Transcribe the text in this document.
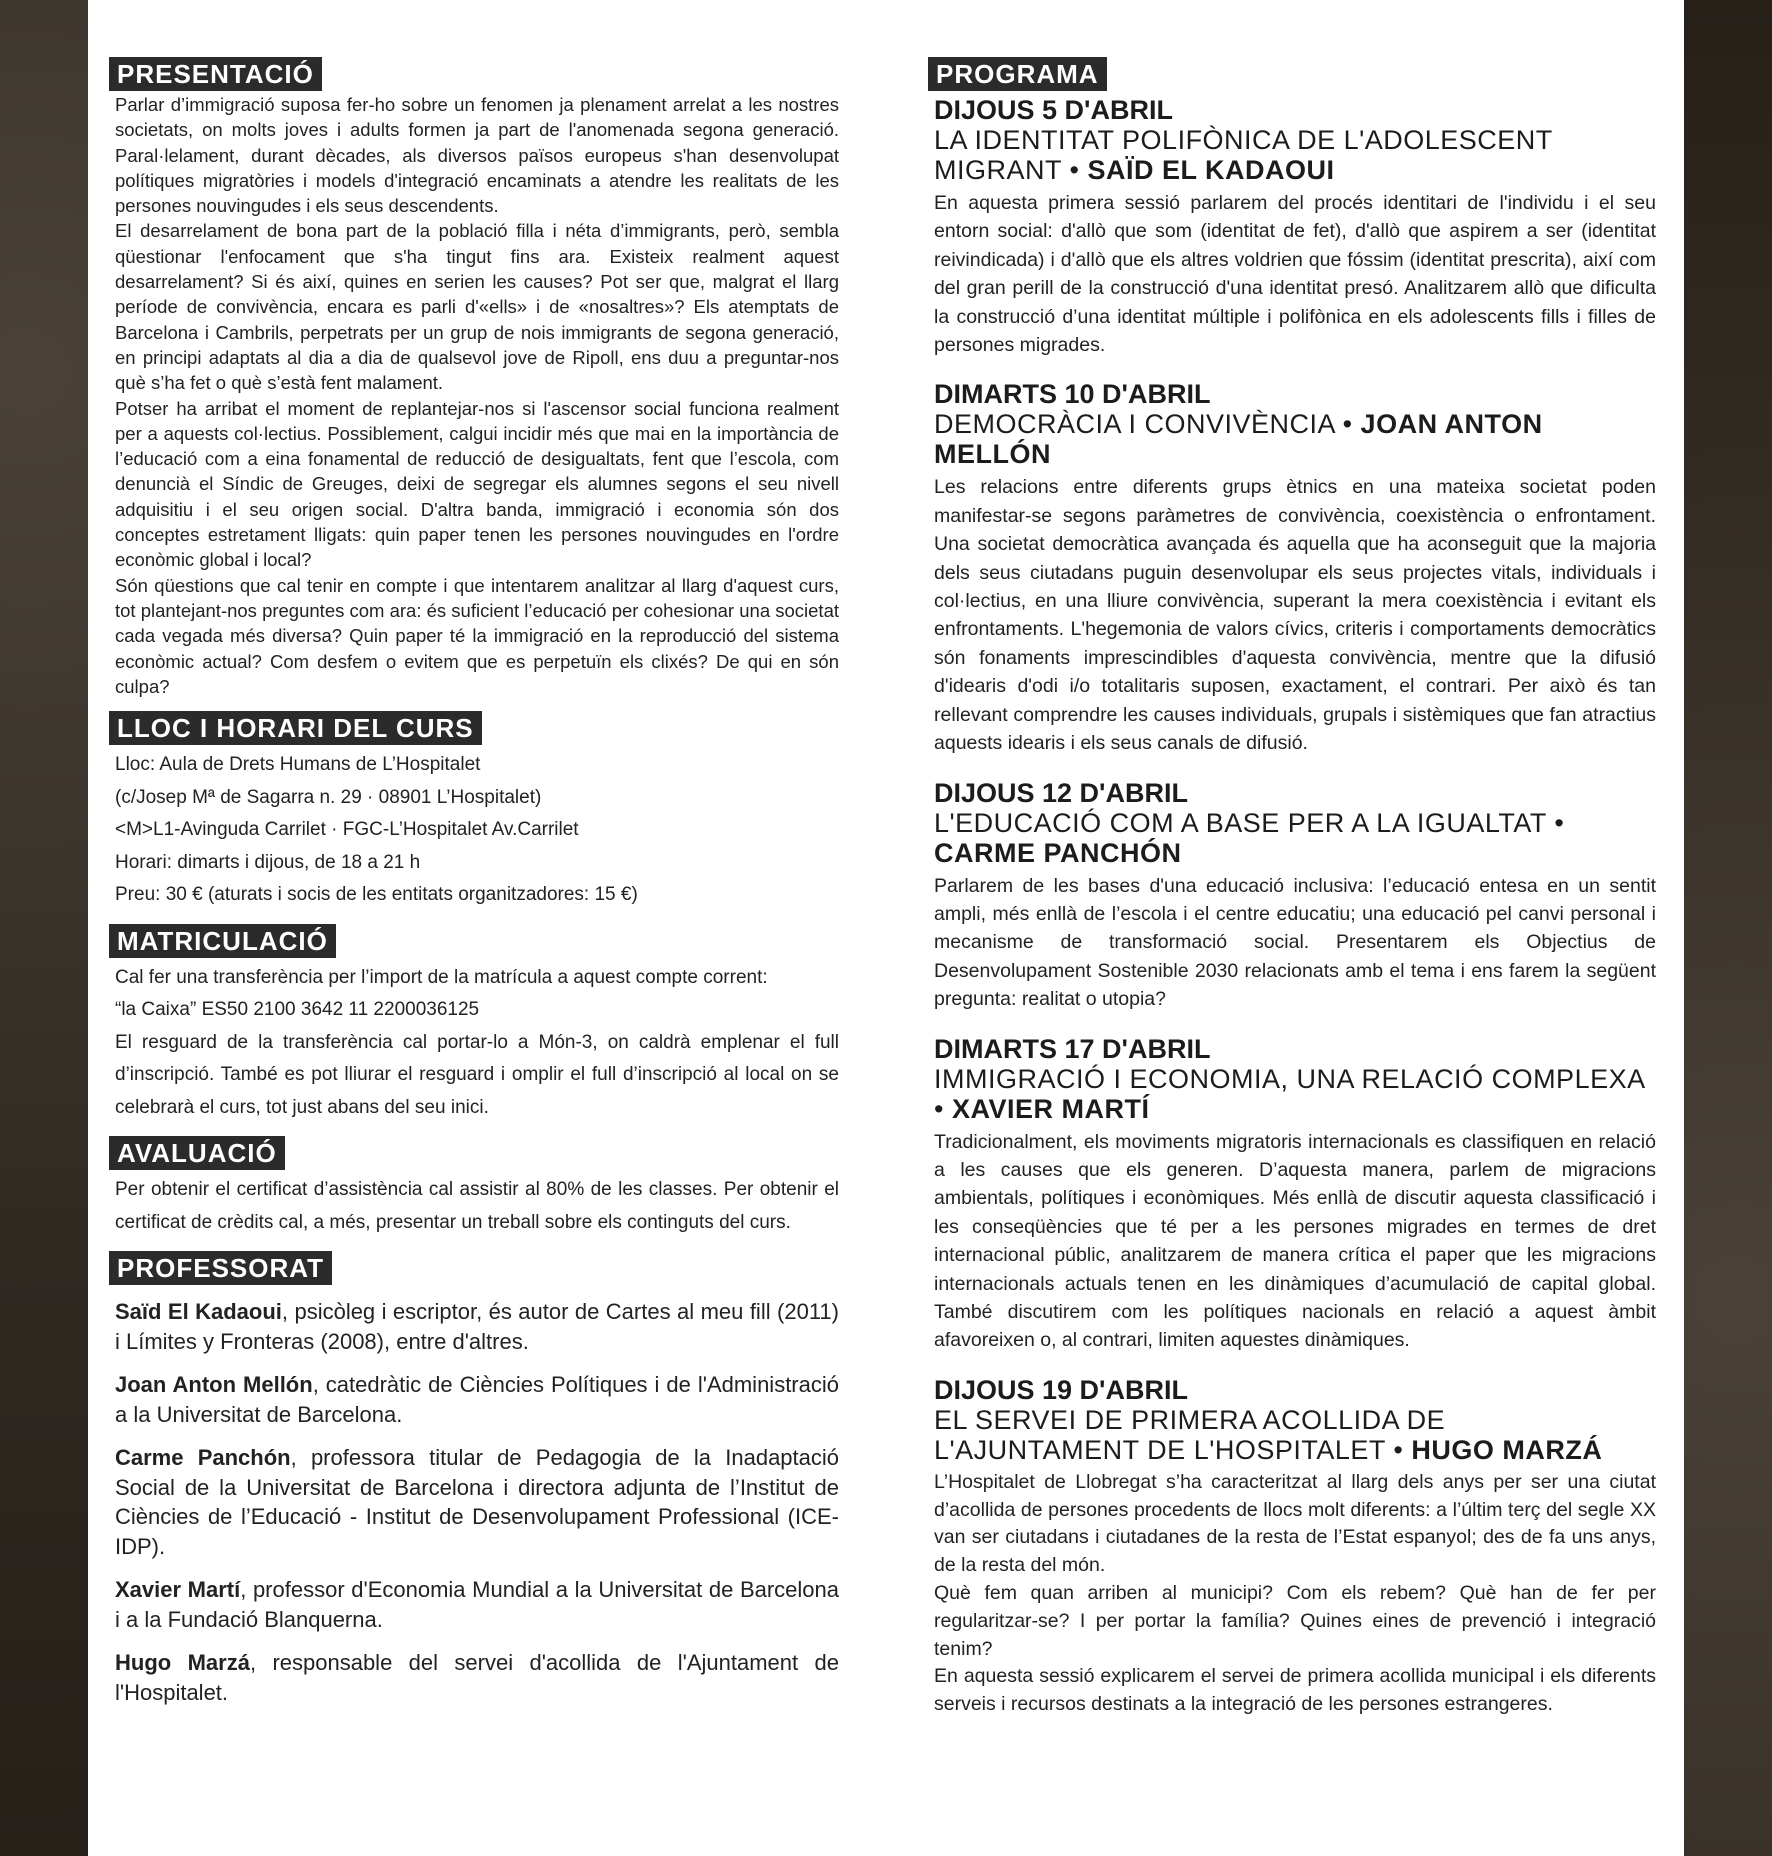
PRESENTACIÓ

Parlar d’immigració suposa fer-ho sobre un fenomen ja plenament arrelat a les nostres societats, on molts joves i adults formen ja part de l'anomenada segona generació. Paral·lelament, durant dècades, als diversos països europeus s'han desenvolupat polítiques migratòries i models d'integració encaminats a atendre les realitats de les persones nouvingudes i els seus descendents.

El desarrelament de bona part de la població filla i néta d’immigrants, però, sembla qüestionar l'enfocament que s'ha tingut fins ara. Existeix realment aquest desarrelament? Si és així, quines en serien les causes? Pot ser que, malgrat el llarg període de convivència, encara es parli d'«ells» i de «nosaltres»? Els atemptats de Barcelona i Cambrils, perpetrats per un grup de nois immigrants de segona generació, en principi adaptats al dia a dia de qualsevol jove de Ripoll, ens duu a preguntar-nos què s’ha fet o què s’està fent malament.

Potser ha arribat el moment de replantejar-nos si l'ascensor social funciona realment per a aquests col·lectius. Possiblement, calgui incidir més que mai en la importància de l’educació com a eina fonamental de reducció de desigualtats, fent que l’escola, com denuncià el Síndic de Greuges, deixi de segregar els alumnes segons el seu nivell adquisitiu i el seu origen social. D'altra banda, immigració i economia són dos conceptes estretament lligats: quin paper tenen les persones nouvingudes en l'ordre econòmic global i local?

Són qüestions que cal tenir en compte i que intentarem analitzar al llarg d'aquest curs, tot plantejant-nos preguntes com ara: és suficient l’educació per cohesionar una societat cada vegada més diversa? Quin paper té la immigració en la reproducció del sistema econòmic actual? Com desfem o evitem que es perpetuïn els clixés? De qui en són culpa?

LLOC I HORARI DEL CURS

Lloc: Aula de Drets Humans de L’Hospitalet

(c/Josep Mª de Sagarra n. 29 · 08901 L’Hospitalet)

<M>L1-Avinguda Carrilet · FGC-L’Hospitalet Av.Carrilet

Horari: dimarts i dijous, de 18 a 21 h

Preu: 30 € (aturats i socis de les entitats organitzadores: 15 €)

MATRICULACIÓ

Cal fer una transferència per l’import de la matrícula a aquest compte corrent:

“la Caixa” ES50 2100 3642 11 2200036125

El resguard de la transferència cal portar-lo a Món-3, on caldrà emplenar el full d’inscripció. També es pot lliurar el resguard i omplir el full d’inscripció al local on se celebrarà el curs, tot just abans del seu inici.

AVALUACIÓ

Per obtenir el certificat d’assistència cal assistir al 80% de les classes. Per obtenir el certificat de crèdits cal, a més, presentar un treball sobre els continguts del curs.

PROFESSORAT

Saïd El Kadaoui, psicòleg i escriptor, és autor de Cartes al meu fill (2011) i Límites y Fronteras (2008), entre d'altres.

Joan Anton Mellón, catedràtic de Ciències Polítiques i de l'Administració a la Universitat de Barcelona.

Carme Panchón, professora titular de Pedagogia de la Inadaptació Social de la Universitat de Barcelona i directora adjunta de l’Institut de Ciències de l’Educació - Institut de Desenvolupament Professional (ICE-IDP).

Xavier Martí, professor d'Economia Mundial a la Universitat de Barcelona i a la Fundació Blanquerna.

Hugo Marzá, responsable del servei d'acollida de l'Ajuntament de l'Hospitalet.

PROGRAMA
DIJOUS 5 D'ABRIL
LA IDENTITAT POLIFÒNICA DE L'ADOLESCENT MIGRANT • SAÏD EL KADAOUI

En aquesta primera sessió parlarem del procés identitari de l'individu i el seu entorn social: d'allò que som (identitat de fet), d'allò que aspirem a ser (identitat reivindicada) i d'allò que els altres voldrien que fóssim (identitat prescrita), així com del gran perill de la construcció d'una identitat presó. Analitzarem allò que dificulta la construcció d’una identitat múltiple i polifònica en els adolescents fills i filles de persones migrades.

DIMARTS 10 D'ABRIL
DEMOCRÀCIA I CONVIVÈNCIA • JOAN ANTON MELLÓN

Les relacions entre diferents grups ètnics en una mateixa societat poden manifestar-se segons paràmetres de convivència, coexistència o enfrontament. Una societat democràtica avançada és aquella que ha aconseguit que la majoria dels seus ciutadans puguin desenvolupar els seus projectes vitals, individuals i col·lectius, en una lliure convivència, superant la mera coexistència i evitant els enfrontaments. L'hegemonia de valors cívics, criteris i comportaments democràtics són fonaments imprescindibles d'aquesta convivència, mentre que la difusió d'idearis d'odi i/o totalitaris suposen, exactament, el contrari. Per això és tan rellevant comprendre les causes individuals, grupals i sistèmiques que fan atractius aquests idearis i els seus canals de difusió.

DIJOUS 12 D'ABRIL
L'EDUCACIÓ COM A BASE PER A LA IGUALTAT • CARME PANCHÓN

Parlarem de les bases d'una educació inclusiva: l’educació entesa en un sentit ampli, més enllà de l’escola i el centre educatiu; una educació pel canvi personal i mecanisme de transformació social. Presentarem els Objectius de Desenvolupament Sostenible 2030 relacionats amb el tema i ens farem la següent pregunta: realitat o utopia?

DIMARTS 17 D'ABRIL
IMMIGRACIÓ I ECONOMIA, UNA RELACIÓ COMPLEXA • XAVIER MARTÍ

Tradicionalment, els moviments migratoris internacionals es classifiquen en relació a les causes que els generen. D’aquesta manera, parlem de migracions ambientals, polítiques i econòmiques. Més enllà de discutir aquesta classificació i les conseqüències que té per a les persones migrades en termes de dret internacional públic, analitzarem de manera crítica el paper que les migracions internacionals actuals tenen en les dinàmiques d’acumulació de capital global. També discutirem com les polítiques nacionals en relació a aquest àmbit afavoreixen o, al contrari, limiten aquestes dinàmiques.

DIJOUS 19 D'ABRIL
EL SERVEI DE PRIMERA ACOLLIDA DE L'AJUNTAMENT DE L'HOSPITALET • HUGO MARZÁ

L’Hospitalet de Llobregat s’ha caracteritzat al llarg dels anys per ser una ciutat d’acollida de persones procedents de llocs molt diferents: a l’últim terç del segle XX van ser ciutadans i ciutadanes de la resta de l’Estat espanyol; des de fa uns anys, de la resta del món.

Què fem quan arriben al municipi? Com els rebem? Què han de fer per regularitzar-se? I per portar la família? Quines eines de prevenció i integració tenim?

En aquesta sessió explicarem el servei de primera acollida municipal i els diferents serveis i recursos destinats a la integració de les persones estrangeres.
